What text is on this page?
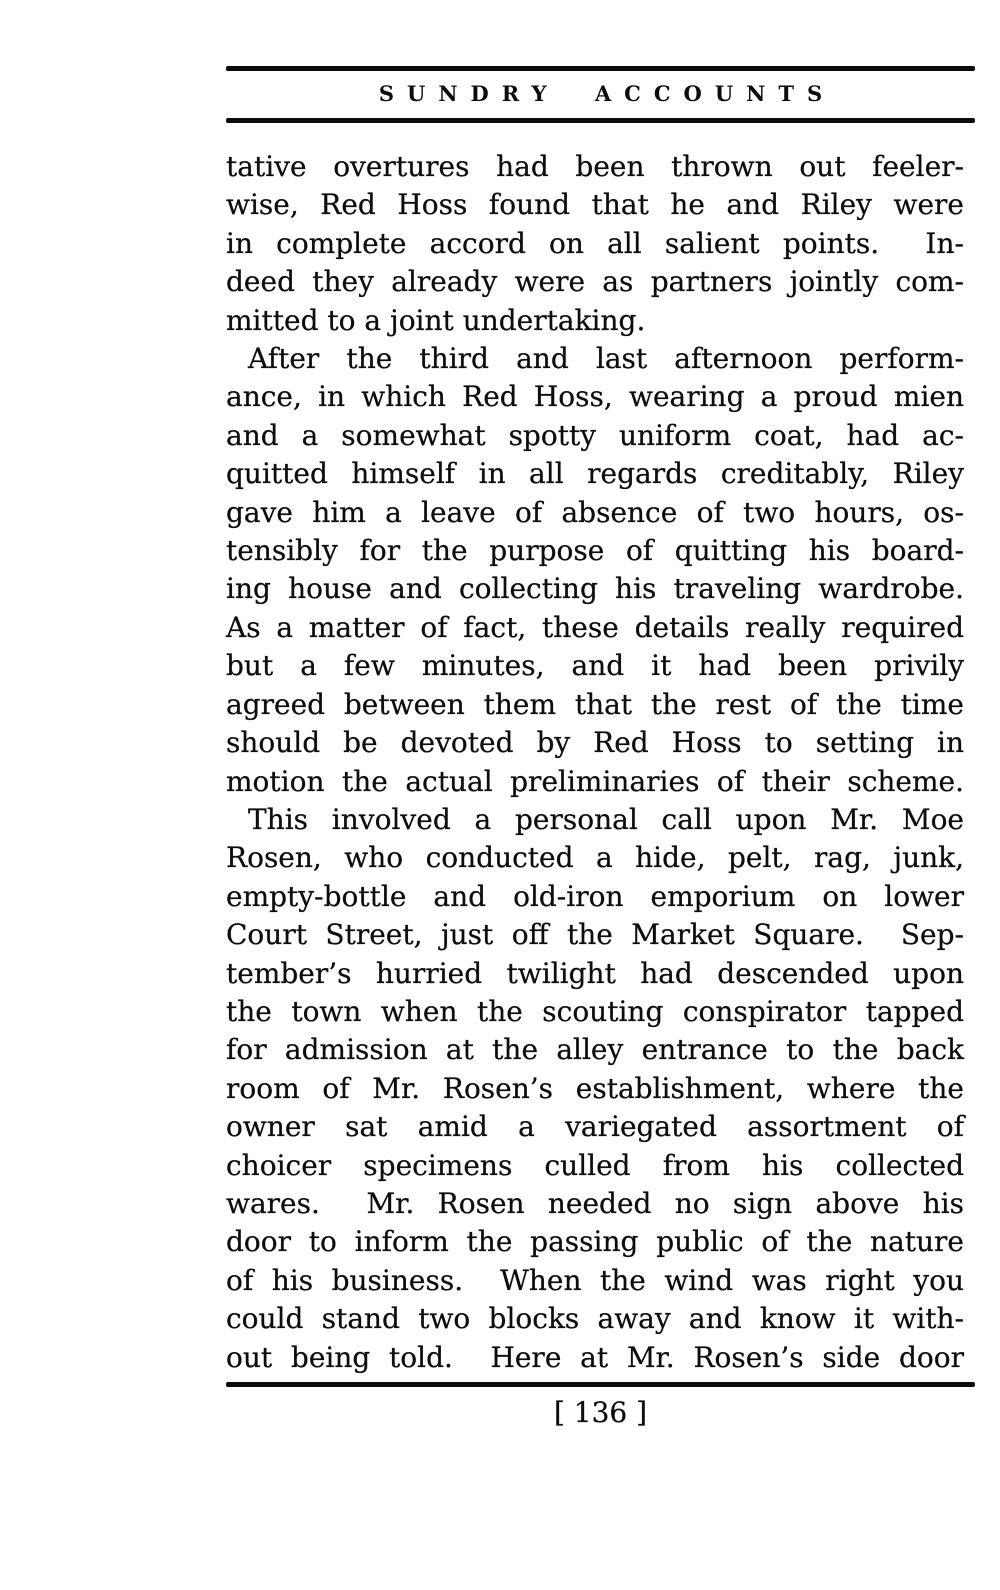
SUNDRY ACCOUNTS
tative overtures had been thrown out feeler-
wise, Red Hoss found that he and Riley were
in complete accord on all salient points.  In-
deed they already were as partners jointly com-
mitted to a joint undertaking.
After the third and last afternoon perform-
ance, in which Red Hoss, wearing a proud mien
and a somewhat spotty uniform coat, had ac-
quitted himself in all regards creditably, Riley
gave him a leave of absence of two hours, os-
tensibly for the purpose of quitting his board-
ing house and collecting his traveling wardrobe.
As a matter of fact, these details really required
but a few minutes, and it had been privily
agreed between them that the rest of the time
should be devoted by Red Hoss to setting in
motion the actual preliminaries of their scheme.
This involved a personal call upon Mr. Moe
Rosen, who conducted a hide, pelt, rag, junk,
empty-bottle and old-iron emporium on lower
Court Street, just off the Market Square.  Sep-
tember’s hurried twilight had descended upon
the town when the scouting conspirator tapped
for admission at the alley entrance to the back
room of Mr. Rosen’s establishment, where the
owner sat amid a variegated assortment of
choicer specimens culled from his collected
wares.  Mr. Rosen needed no sign above his
door to inform the passing public of the nature
of his business.  When the wind was right you
could stand two blocks away and know it with-
out being told.  Here at Mr. Rosen’s side door
[ 136 ]
